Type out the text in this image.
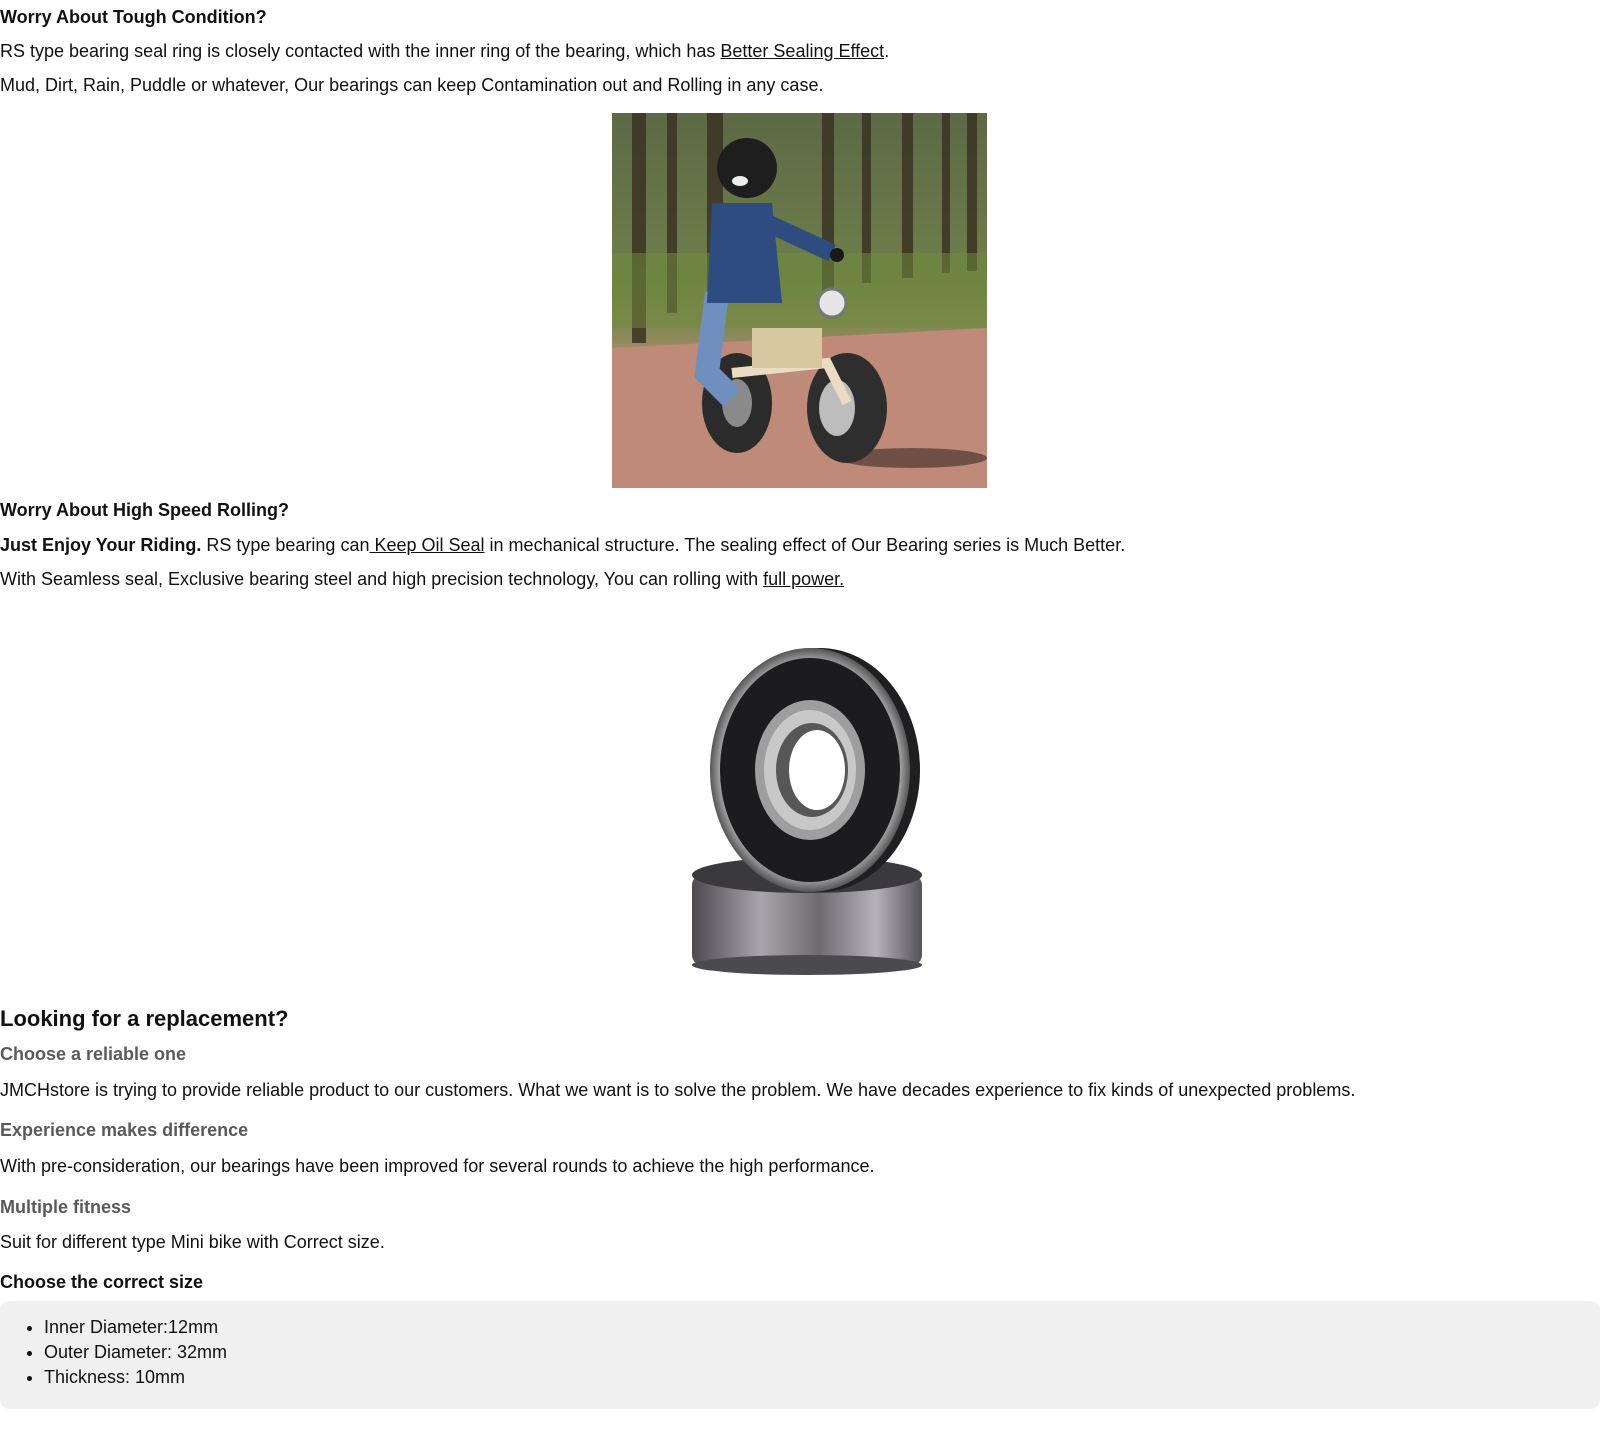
Worry About Tough Condition?

RS type bearing seal ring is closely contacted with the inner ring of the bearing, which has Better Sealing Effect.

Mud, Dirt, Rain, Puddle or whatever, Our bearings can keep Contamination out and Rolling in any case.

Worry About High Speed Rolling?

Just Enjoy Your Riding. RS type bearing can Keep Oil Seal in mechanical structure. The sealing effect of Our Bearing series is Much Better.

With Seamless seal, Exclusive bearing steel and high precision technology, You can rolling with full power.

Looking for a replacement?
Choose a reliable one

JMCHstore is trying to provide reliable product to our customers. What we want is to solve the problem. We have decades experience to fix kinds of unexpected problems.

Experience makes difference

With pre-consideration, our bearings have been improved for several rounds to achieve the high performance.

Multiple fitness

Suit for different type Mini bike with Correct size.

Choose the correct size
• Inner Diameter:12mm
• Outer Diameter: 32mm
• Thickness: 10mm
